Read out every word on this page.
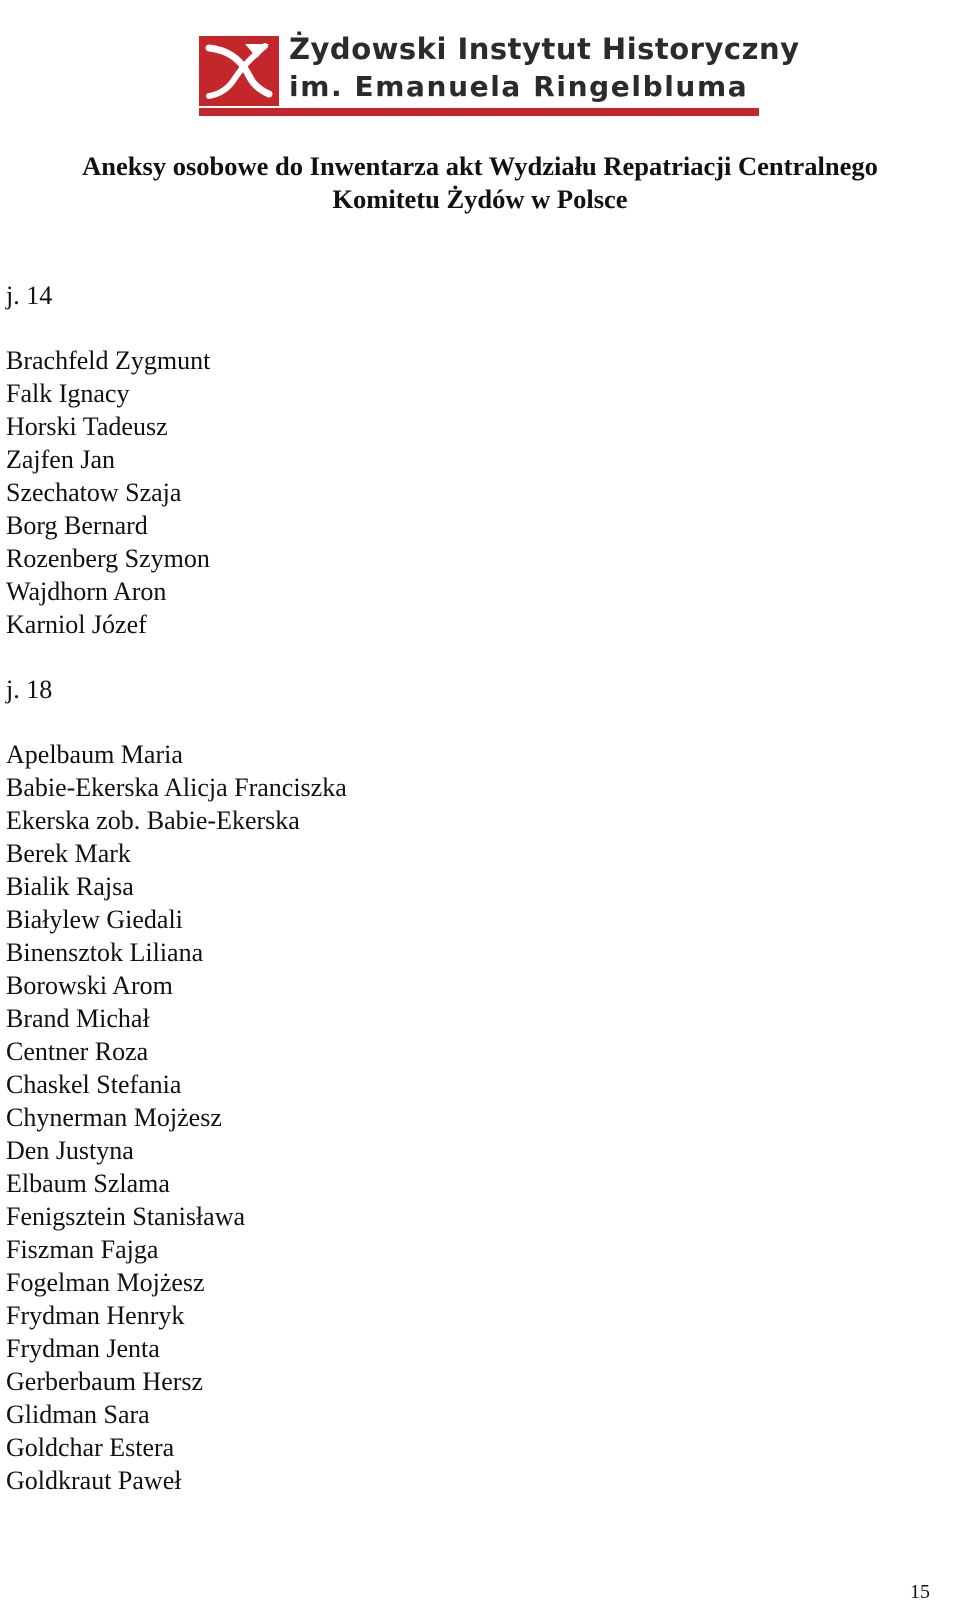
Żydowski Instytut Historyczny
im. Emanuela Ringelbluma
Aneksy osobowe do Inwentarza akt Wydziału Repatriacji Centralnego
Komitetu Żydów w Polsce
j. 14
Brachfeld Zygmunt
Falk Ignacy
Horski Tadeusz
Zajfen Jan
Szechatow Szaja
Borg Bernard
Rozenberg Szymon
Wajdhorn Aron
Karniol Józef
j. 18
Apelbaum Maria
Babie-Ekerska Alicja Franciszka
Ekerska zob. Babie-Ekerska
Berek Mark
Bialik Rajsa
Białylew Giedali
Binensztok Liliana
Borowski Arom
Brand Michał
Centner Roza
Chaskel Stefania
Chynerman Mojżesz
Den Justyna
Elbaum Szlama
Fenigsztein Stanisława
Fiszman Fajga
Fogelman Mojżesz
Frydman Henryk
Frydman Jenta
Gerberbaum Hersz
Glidman Sara
Goldchar Estera
Goldkraut Paweł
15
